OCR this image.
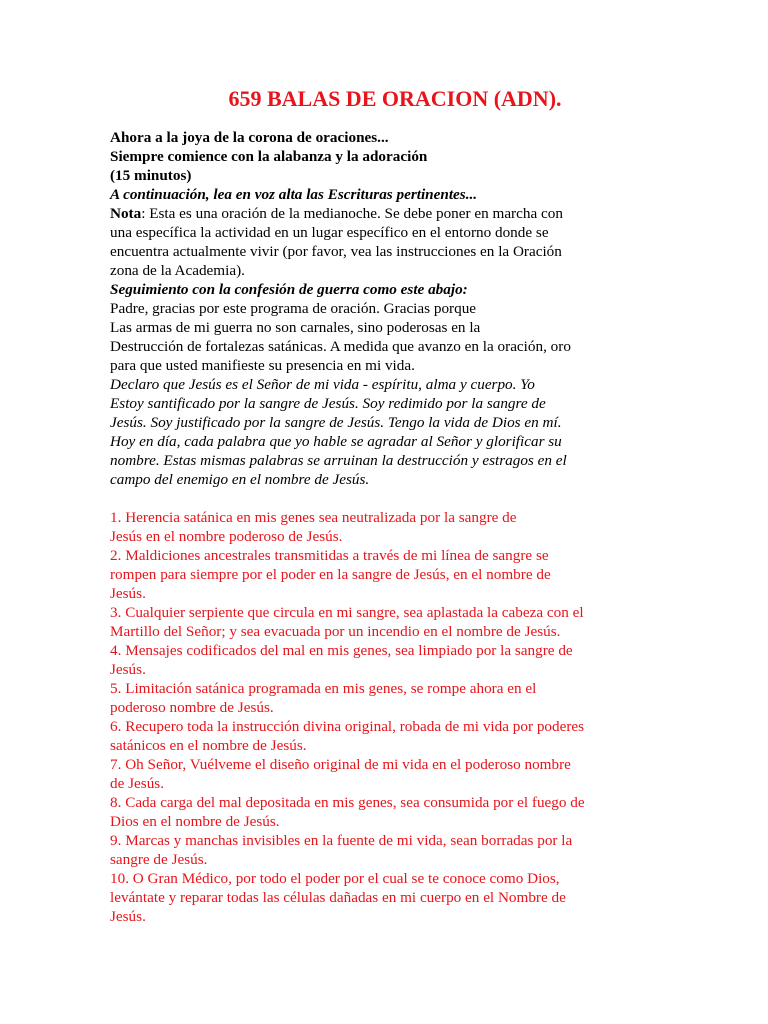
659 BALAS DE ORACION (ADN).
Ahora a la joya de la corona de oraciones...
Siempre comience con la alabanza y la adoración
(15 minutos)
A continuación, lea en voz alta las Escrituras pertinentes...
Nota: Esta es una oración de la medianoche. Se debe poner en marcha con
una específica la actividad en un lugar específico en el entorno donde se
encuentra actualmente vivir (por favor, vea las instrucciones en la Oración
zona de la Academia).
Seguimiento con la confesión de guerra como este abajo:
Padre, gracias por este programa de oración. Gracias porque
Las armas de mi guerra no son carnales, sino poderosas en la
Destrucción de fortalezas satánicas. A medida que avanzo en la oración, oro
para que usted manifieste su presencia en mi vida.
Declaro que Jesús es el Señor de mi vida - espíritu, alma y cuerpo. Yo
Estoy santificado por la sangre de Jesús. Soy redimido por la sangre de
Jesús. Soy justificado por la sangre de Jesús. Tengo la vida de Dios en mí.
Hoy en día, cada palabra que yo hable se agradar al Señor y glorificar su
nombre. Estas mismas palabras se arruinan la destrucción y estragos en el
campo del enemigo en el nombre de Jesús.
1. Herencia satánica en mis genes sea neutralizada por la sangre de
Jesús en el nombre poderoso de Jesús.
2. Maldiciones ancestrales transmitidas a través de mi línea de sangre se
rompen para siempre por el poder en la sangre de Jesús, en el nombre de
Jesús.
3. Cualquier serpiente que circula en mi sangre, sea aplastada la cabeza con el
Martillo del Señor; y sea evacuada por un incendio en el nombre de Jesús.
4. Mensajes codificados del mal en mis genes, sea limpiado por la sangre de
Jesús.
5. Limitación satánica programada en mis genes, se rompe ahora en el
poderoso nombre de Jesús.
6. Recupero toda la instrucción divina original, robada de mi vida por poderes
satánicos en el nombre de Jesús.
7. Oh Señor, Vuélveme el diseño original de mi vida en el poderoso nombre
de Jesús.
8. Cada carga del mal depositada en mis genes, sea consumida por el fuego de
Dios en el nombre de Jesús.
9. Marcas y manchas invisibles en la fuente de mi vida, sean borradas por la
sangre de Jesús.
10. O Gran Médico, por todo el poder por el cual se te conoce como Dios,
levántate y reparar todas las células dañadas en mi cuerpo en el Nombre de
Jesús.
